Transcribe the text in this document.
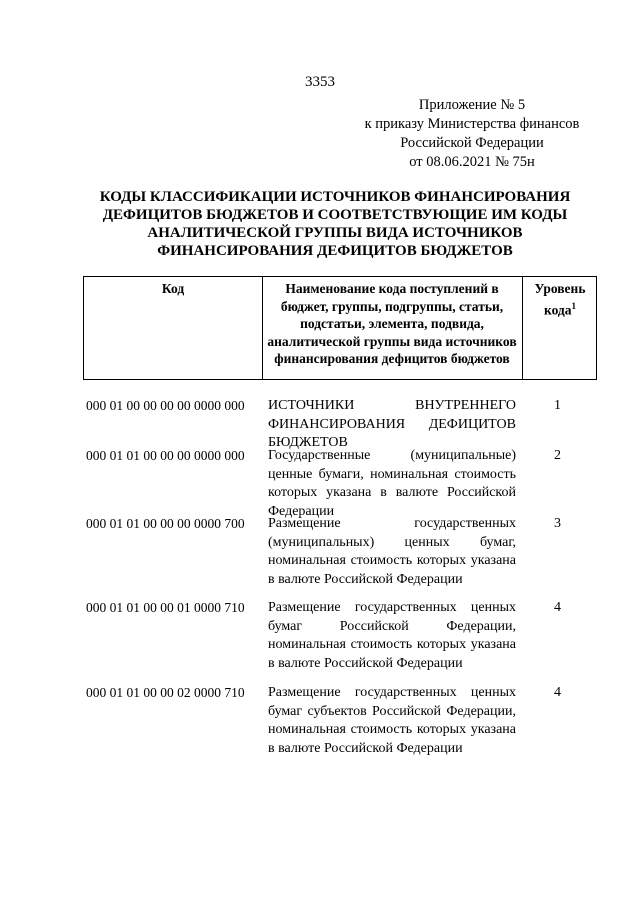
3353
Приложение № 5
к приказу Министерства финансов
Российской Федерации
от 08.06.2021 № 75н
КОДЫ КЛАССИФИКАЦИИ ИСТОЧНИКОВ ФИНАНСИРОВАНИЯ
ДЕФИЦИТОВ БЮДЖЕТОВ И СООТВЕТСТВУЮЩИЕ ИМ КОДЫ
АНАЛИТИЧЕСКОЙ ГРУППЫ ВИДА ИСТОЧНИКОВ
ФИНАНСИРОВАНИЯ ДЕФИЦИТОВ БЮДЖЕТОВ
Код	Наименование кода поступлений в бюджет, группы, подгруппы, статьи, подстатьи, элемента, подвида, аналитической группы вида источников финансирования дефицитов бюджетов
Уровень кода$^1$
000 01 00 00 00 00 0000 000 ИСТОЧНИКИ ВНУТРЕННЕГО ФИНАНСИРОВАНИЯ ДЕФИЦИТОВ БЮДЖЕТОВ
1
000 01 01 00 00 00 0000 000 Государственные (муниципальные) ценные бумаги, номинальная стоимость которых указана в валюте Российской Федерации
2
000 01 01 00 00 00 0000 700 Размещение государственных (муниципальных) ценных бумаг, номинальная стоимость которых указана в валюте Российской Федерации
3
000 01 01 00 00 01 0000 710 Размещение государственных ценных бумаг Российской Федерации, номинальная стоимость которых указана в валюте Российской Федерации
4
000 01 01 00 00 02 0000 710 Размещение государственных ценных бумаг субъектов Российской Федерации, номинальная стоимость которых указана в валюте Российской Федерации
4
